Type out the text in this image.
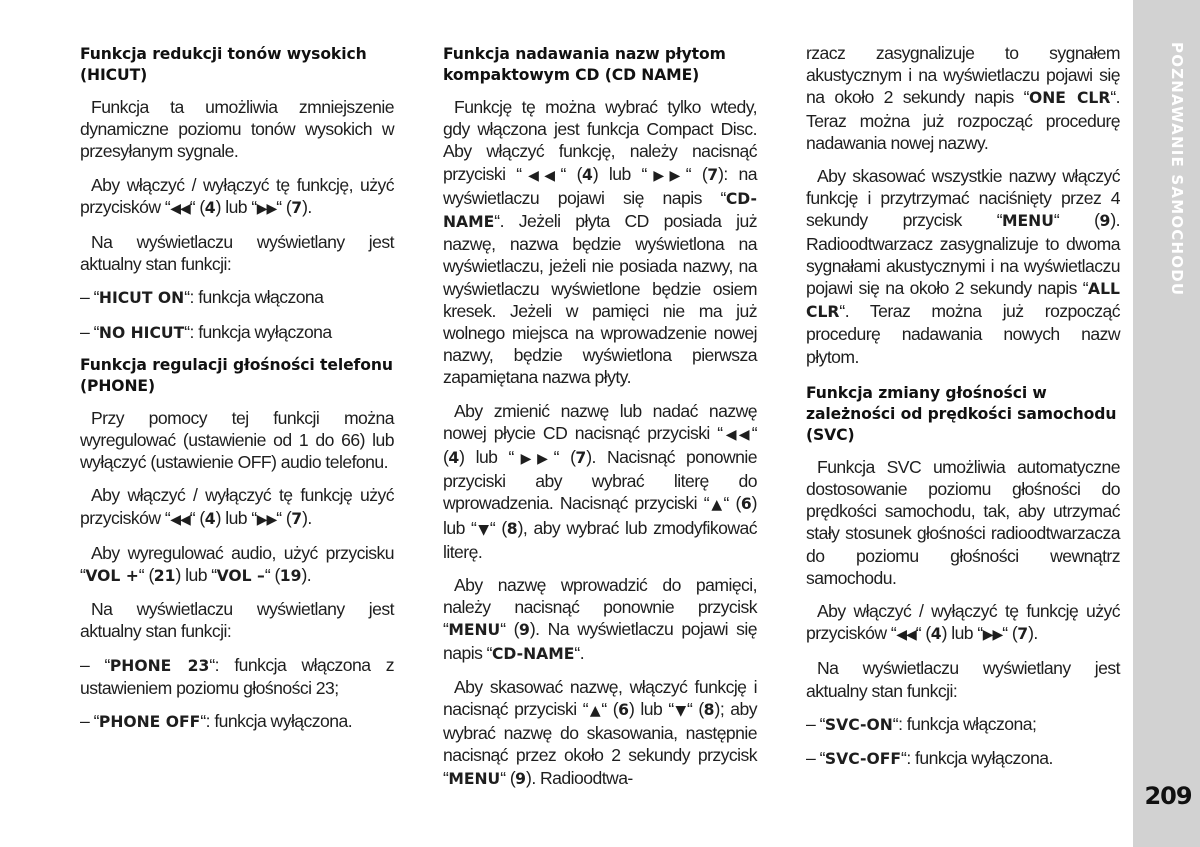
Funkcja redukcji tonów wysokich (HICUT)
Funkcja ta umożliwia zmniejszenie dynamiczne poziomu tonów wysokich w przesyłanym sygnale.
Aby włączyć / wyłączyć tę funkcję, użyć przycisków “◀◀“ (4) lub “▶▶“ (7).
Na wyświetlaczu wyświetlany jest aktualny stan funkcji:
– “HICUT ON“: funkcja włączona
– “NO HICUT“: funkcja wyłączona
Funkcja regulacji głośności telefonu (PHONE)
Przy pomocy tej funkcji można wyregulować (ustawienie od 1 do 66) lub wyłączyć (ustawienie OFF) audio telefonu.
Aby włączyć / wyłączyć tę funkcję użyć przycisków “◀◀“ (4) lub “▶▶“ (7).
Aby wyregulować audio, użyć przycisku “VOL +“ (21) lub “VOL –“ (19).
Na wyświetlaczu wyświetlany jest aktualny stan funkcji:
– “PHONE 23“: funkcja włączona z ustawieniem poziomu głośności 23;
– “PHONE OFF“: funkcja wyłączona.
Funkcja nadawania nazw płytom kompaktowym CD (CD NAME)
Funkcję tę można wybrać tylko wtedy, gdy włączona jest funkcja Compact Disc. Aby włączyć funkcję, należy nacisnąć przyciski “◀◀“ (4) lub “▶▶“ (7): na wyświetlaczu pojawi się napis “CD-NAME“. Jeżeli płyta CD posiada już nazwę, nazwa będzie wyświetlona na wyświetlaczu, jeżeli nie posiada nazwy, na wyświetlaczu wyświetlone będzie osiem kresek. Jeżeli w pamięci nie ma już wolnego miejsca na wprowadzenie nowej nazwy, będzie wyświetlona pierwsza zapamiętana nazwa płyty.
Aby zmienić nazwę lub nadać nazwę nowej płycie CD nacisnąć przyciski “◀◀“ (4) lub “▶▶“ (7). Nacisnąć ponownie przyciski aby wybrać literę do wprowadzenia. Nacisnąć przyciski “▲“ (6) lub “▼“ (8), aby wybrać lub zmodyfikować literę.
Aby nazwę wprowadzić do pamięci, należy nacisnąć ponownie przycisk “MENU“ (9). Na wyświetlaczu pojawi się napis “CD-NAME“.
Aby skasować nazwę, włączyć funkcję i nacisnąć przyciski “▲“ (6) lub “▼“ (8); aby wybrać nazwę do skasowania, następnie nacisnąć przez około 2 sekundy przycisk “MENU“ (9). Radioodtwa-
rzacz zasygnalizuje to sygnałem akustycznym i na wyświetlaczu pojawi się na około 2 sekundy napis “ONE CLR“. Teraz można już rozpocząć procedurę nadawania nowej nazwy.
Aby skasować wszystkie nazwy włączyć funkcję i przytrzymać naciśnięty przez 4 sekundy przycisk “MENU“ (9). Radioodtwarzacz zasygnalizuje to dwoma sygnałami akustycznymi i na wyświetlaczu pojawi się na około 2 sekundy napis “ALL CLR“. Teraz można już rozpocząć procedurę nadawania nowych nazw płytom.
Funkcja zmiany głośności w zależności od prędkości samochodu (SVC)
Funkcja SVC umożliwia automatyczne dostosowanie poziomu głośności do prędkości samochodu, tak, aby utrzymać stały stosunek głośności radioodtwarzacza do poziomu głośności wewnątrz samochodu.
Aby włączyć / wyłączyć tę funkcję użyć przycisków “◀◀“ (4) lub “▶▶“ (7).
Na wyświetlaczu wyświetlany jest aktualny stan funkcji:
– “SVC-ON“: funkcja włączona;
– “SVC-OFF“: funkcja wyłączona.
POZNAWANIE SAMOCHODU
209
